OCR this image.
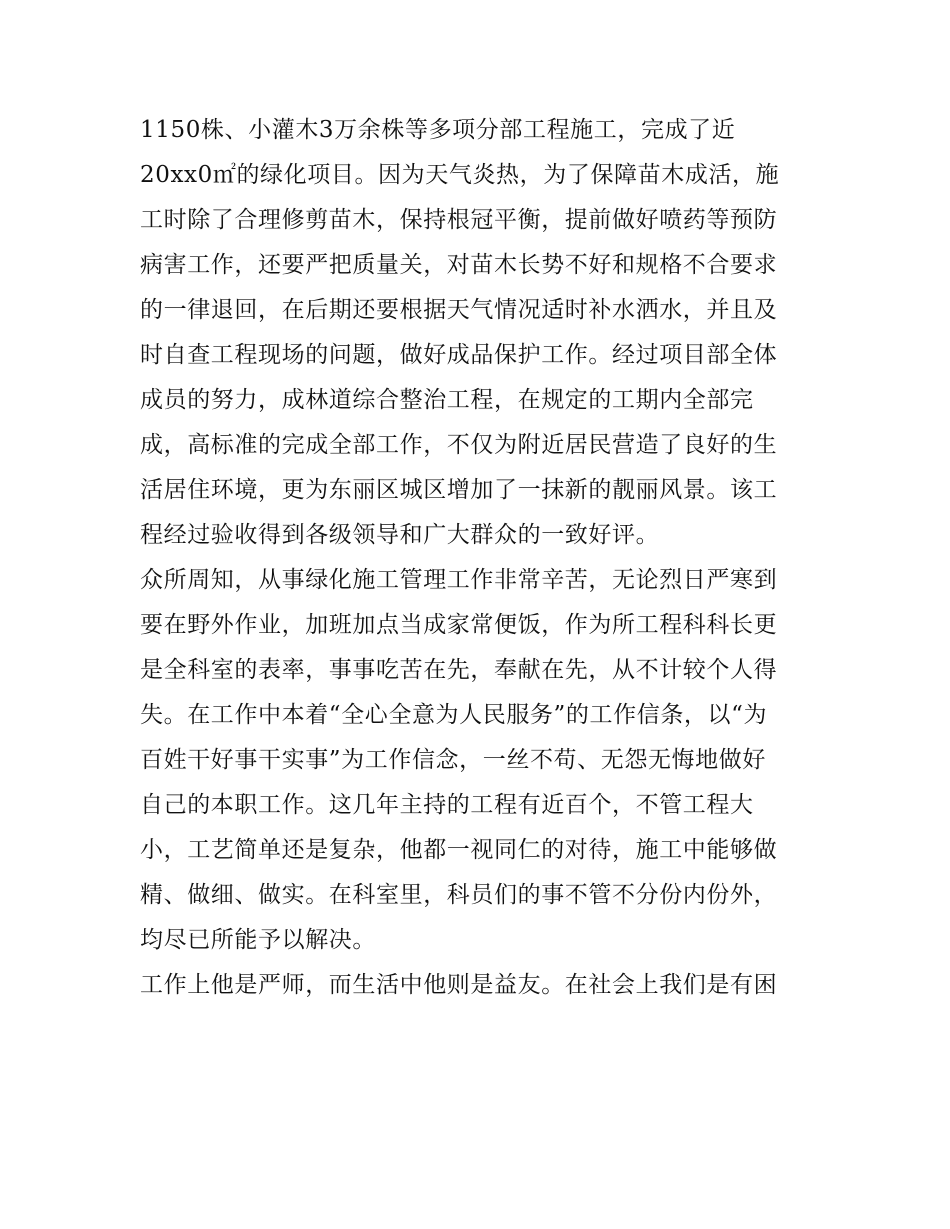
1150株、小灌木3万余株等多项分部工程施工，完成了近
20xx0㎡的绿化项目。因为天气炎热，为了保障苗木成活，施
工时除了合理修剪苗木，保持根冠平衡，提前做好喷药等预防
病害工作，还要严把质量关，对苗木长势不好和规格不合要求
的一律退回，在后期还要根据天气情况适时补水洒水，并且及
时自查工程现场的问题，做好成品保护工作。经过项目部全体
成员的努力，成林道综合整治工程，在规定的工期内全部完
成，高标准的完成全部工作，不仅为附近居民营造了良好的生
活居住环境，更为东丽区城区增加了一抹新的靓丽风景。该工
程经过验收得到各级领导和广大群众的一致好评。
众所周知，从事绿化施工管理工作非常辛苦，无论烈日严寒到
要在野外作业，加班加点当成家常便饭，作为所工程科科长更
是全科室的表率，事事吃苦在先，奉献在先，从不计较个人得
失。在工作中本着“全心全意为人民服务”的工作信条，以“为
百姓干好事干实事”为工作信念，一丝不苟、无怨无悔地做好
自己的本职工作。这几年主持的工程有近百个，不管工程大
小，工艺简单还是复杂，他都一视同仁的对待，施工中能够做
精、做细、做实。在科室里，科员们的事不管不分份内份外，
均尽已所能予以解决。
工作上他是严师，而生活中他则是益友。在社会上我们是有困
